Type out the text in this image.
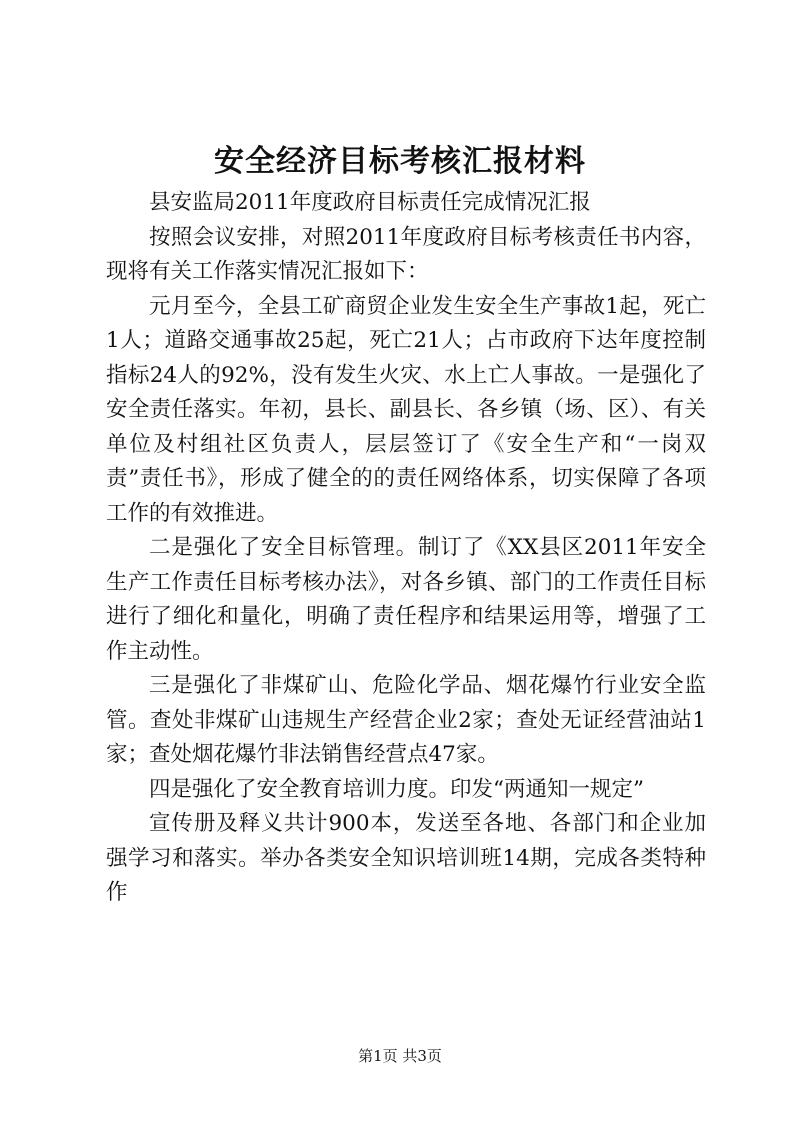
安全经济目标考核汇报材料

县安监局2011年度政府目标责任完成情况汇报

按照会议安排，对照2011年度政府目标考核责任书内容，现将有关工作落实情况汇报如下：

元月至今，全县工矿商贸企业发生安全生产事故1起，死亡1人；道路交通事故25起，死亡21人；占市政府下达年度控制指标24人的92%，没有发生火灾、水上亡人事故。一是强化了安全责任落实。年初，县长、副县长、各乡镇（场、区）、有关单位及村组社区负责人，层层签订了《安全生产和“一岗双责”责任书》，形成了健全的的责任网络体系，切实保障了各项工作的有效推进。

二是强化了安全目标管理。制订了《XX县区2011年安全生产工作责任目标考核办法》，对各乡镇、部门的工作责任目标进行了细化和量化，明确了责任程序和结果运用等，增强了工作主动性。

三是强化了非煤矿山、危险化学品、烟花爆竹行业安全监管。查处非煤矿山违规生产经营企业2家；查处无证经营油站1家；查处烟花爆竹非法销售经营点47家。

四是强化了安全教育培训力度。印发“两通知一规定”

宣传册及释义共计900本，发送至各地、各部门和企业加强学习和落实。举办各类安全知识培训班14期，完成各类特种作

第1页 共3页
